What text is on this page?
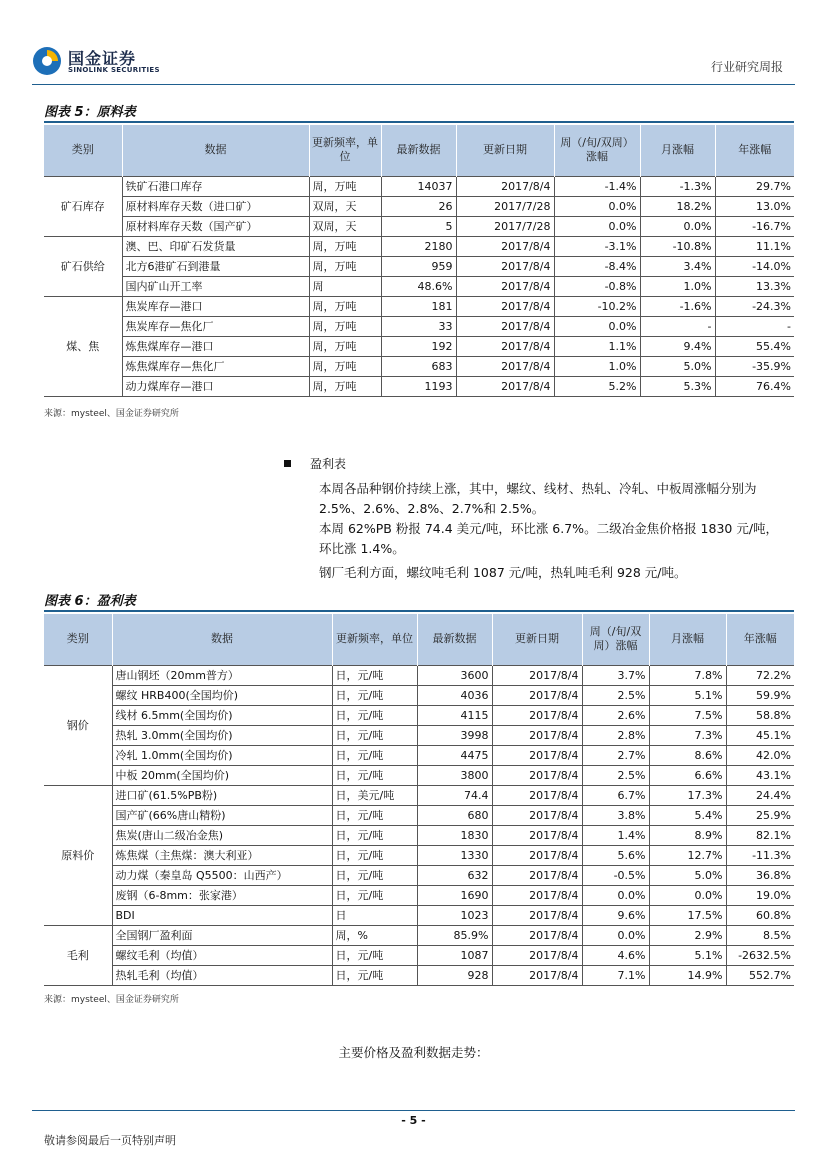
国金证券
SINOLINK SECURITIES	行业研究周报
图表 5：原料表
类别	数据	更新频率，单位	最新数据	更新日期	周（/旬/双周）涨幅	月涨幅	年涨幅
矿石库存	铁矿石港口库存	周，万吨	14037	2017/8/4	-1.4%	-1.3%	29.7%
	原材料库存天数（进口矿）	双周，天	26	2017/7/28	0.0%	18.2%	13.0%
	原材料库存天数（国产矿）	双周，天	5	2017/7/28	0.0%	0.0%	-16.7%
矿石供给	澳、巴、印矿石发货量	周，万吨	2180	2017/8/4	-3.1%	-10.8%	11.1%
	北方6港矿石到港量	周，万吨	959	2017/8/4	-8.4%	3.4%	-14.0%
	国内矿山开工率	周	48.6%	2017/8/4	-0.8%	1.0%	13.3%
煤、焦	焦炭库存—港口	周，万吨	181	2017/8/4	-10.2%	-1.6%	-24.3%
	焦炭库存—焦化厂	周，万吨	33	2017/8/4	0.0%	-	-
	炼焦煤库存—港口	周，万吨	192	2017/8/4	1.1%	9.4%	55.4%
	炼焦煤库存—焦化厂	周，万吨	683	2017/8/4	1.0%	5.0%	-35.9%
	动力煤库存—港口	周，万吨	1193	2017/8/4	5.2%	5.3%	76.4%
来源：mysteel、国金证券研究所
盈利表
本周各品种钢价持续上涨，其中，螺纹、线材、热轧、冷轧、中板周涨幅分别为 2.5%、2.6%、2.8%、2.7%和 2.5%。
本周 62%PB 粉报 74.4 美元/吨，环比涨 6.7%。二级冶金焦价格报 1830 元/吨，环比涨 1.4%。
钢厂毛利方面，螺纹吨毛利 1087 元/吨，热轧吨毛利 928 元/吨。
图表 6：盈利表
类别	数据	更新频率，单位	最新数据	更新日期	周（/旬/双周）涨幅	月涨幅	年涨幅
钢价	唐山钢坯（20mm普方）	日，元/吨	3600	2017/8/4	3.7%	7.8%	72.2%
	螺纹 HRB400(全国均价)	日，元/吨	4036	2017/8/4	2.5%	5.1%	59.9%
	线材 6.5mm(全国均价)	日，元/吨	4115	2017/8/4	2.6%	7.5%	58.8%
	热轧 3.0mm(全国均价)	日，元/吨	3998	2017/8/4	2.8%	7.3%	45.1%
	冷轧 1.0mm(全国均价)	日，元/吨	4475	2017/8/4	2.7%	8.6%	42.0%
	中板 20mm(全国均价)	日，元/吨	3800	2017/8/4	2.5%	6.6%	43.1%
原料价	进口矿(61.5%PB粉)	日，美元/吨	74.4	2017/8/4	6.7%	17.3%	24.4%
	国产矿(66%唐山精粉)	日，元/吨	680	2017/8/4	3.8%	5.4%	25.9%
	焦炭(唐山二级冶金焦)	日，元/吨	1830	2017/8/4	1.4%	8.9%	82.1%
	炼焦煤（主焦煤：澳大利亚）	日，元/吨	1330	2017/8/4	5.6%	12.7%	-11.3%
	动力煤（秦皇岛 Q5500：山西产）	日，元/吨	632	2017/8/4	-0.5%	5.0%	36.8%
	废钢（6-8mm：张家港）	日，元/吨	1690	2017/8/4	0.0%	0.0%	19.0%
	BDI	日	1023	2017/8/4	9.6%	17.5%	60.8%
毛利	全国钢厂盈利面	周，%	85.9%	2017/8/4	0.0%	2.9%	8.5%
	螺纹毛利（均值）	日，元/吨	1087	2017/8/4	4.6%	5.1%	-2632.5%
	热轧毛利（均值）	日，元/吨	928	2017/8/4	7.1%	14.9%	552.7%
来源：mysteel、国金证券研究所
主要价格及盈利数据走势：
- 5 -
敬请参阅最后一页特别声明
